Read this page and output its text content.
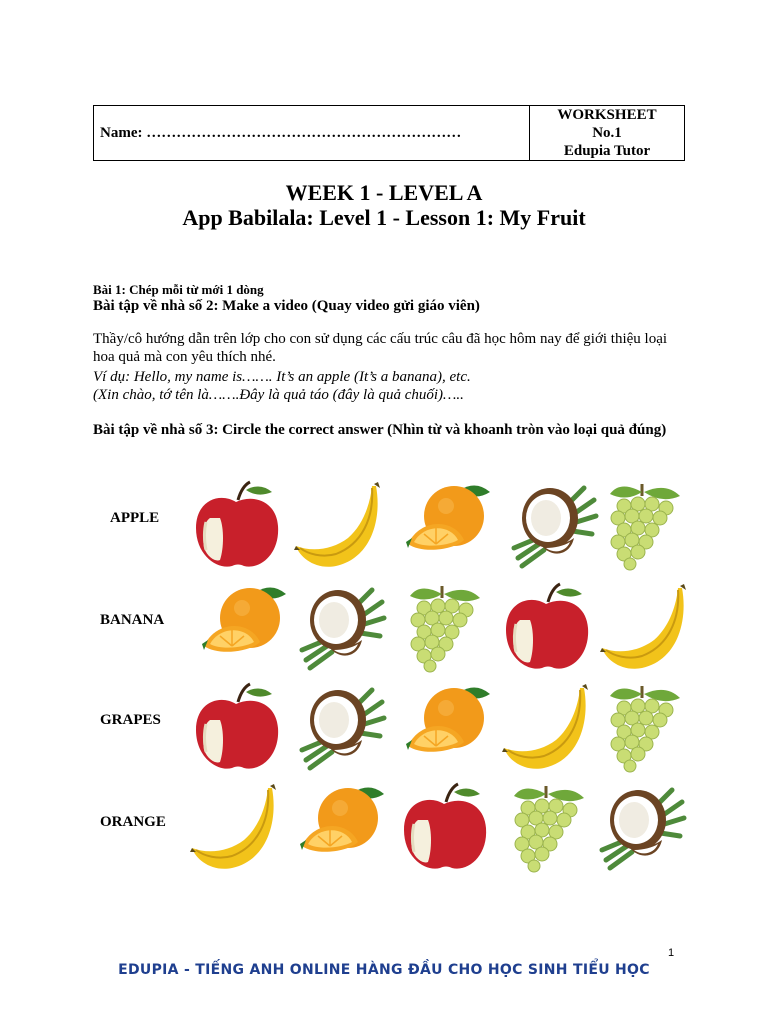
Name: ………………………………………………………	
WORKSHEET
No.1
Edupia Tutor
WEEK 1 - LEVEL A
App Babilala: Level 1 - Lesson 1: My Fruit
Bài 1: Chép mỗi từ mới 1 dòng
Bài tập về nhà số 2: Make a video (Quay video gửi giáo viên)
Thầy/cô hướng dẫn trên lớp cho con sử dụng các cấu trúc câu đã học hôm nay để giới thiệu loại hoa quả mà con yêu thích nhé.
Ví dụ: Hello, my name is……. It’s an apple (It’s a banana), etc.
(Xin chào, tớ tên là…….Đây là quả táo (đây là quả chuối)…..
Bài tập về nhà số 3: Circle the correct answer (Nhìn từ và khoanh tròn vào loại quả đúng)
APPLE
BANANA
GRAPES
ORANGE
1
EDUPIA - TIẾNG ANH ONLINE HÀNG ĐẦU CHO HỌC SINH TIỂU HỌC
